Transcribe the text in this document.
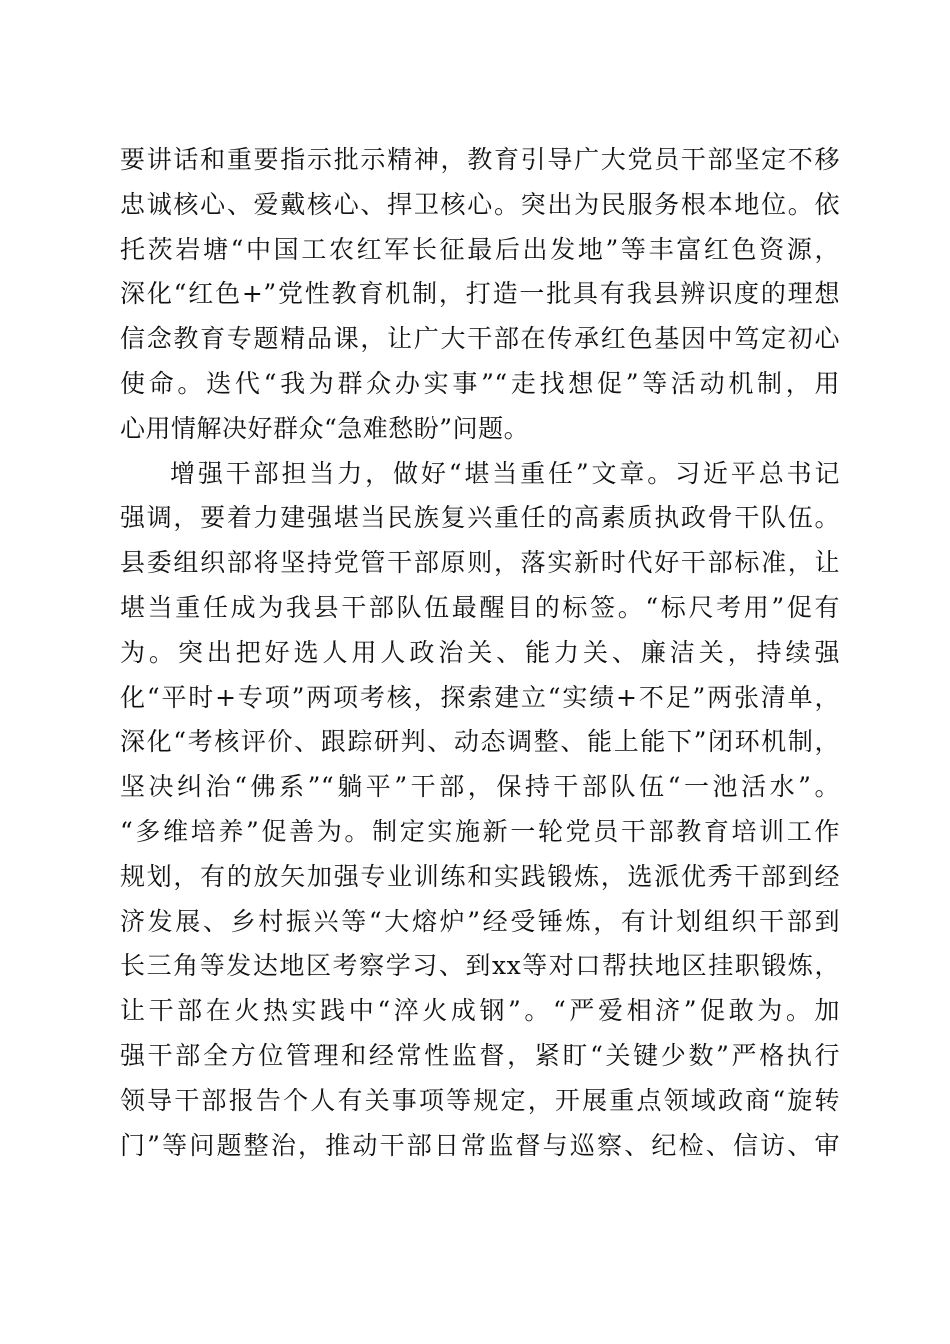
要讲话和重要指示批示精神，教育引导广大党员干部坚定不移
忠诚核心、爱戴核心、捍卫核心。突出为民服务根本地位。依
托茨岩塘“中国工农红军长征最后出发地”等丰富红色资源，
深化“红色+”党性教育机制，打造一批具有我县辨识度的理想
信念教育专题精品课，让广大干部在传承红色基因中笃定初心
使命。迭代“我为群众办实事”“走找想促”等活动机制，用
心用情解决好群众“急难愁盼”问题。
增强干部担当力，做好“堪当重任”文章。习近平总书记
强调，要着力建强堪当民族复兴重任的高素质执政骨干队伍。
县委组织部将坚持党管干部原则，落实新时代好干部标准，让
堪当重任成为我县干部队伍最醒目的标签。“标尺考用”促有
为。突出把好选人用人政治关、能力关、廉洁关，持续强
化“平时+专项”两项考核，探索建立“实绩+不足”两张清单，
深化“考核评价、跟踪研判、动态调整、能上能下”闭环机制，
坚决纠治“佛系”“躺平”干部，保持干部队伍“一池活水”。
“多维培养”促善为。制定实施新一轮党员干部教育培训工作
规划，有的放矢加强专业训练和实践锻炼，选派优秀干部到经
济发展、乡村振兴等“大熔炉”经受锤炼，有计划组织干部到
长三角等发达地区考察学习、到xx等对口帮扶地区挂职锻炼，
让干部在火热实践中“淬火成钢”。“严爱相济”促敢为。加
强干部全方位管理和经常性监督，紧盯“关键少数”严格执行
领导干部报告个人有关事项等规定，开展重点领域政商“旋转
门”等问题整治，推动干部日常监督与巡察、纪检、信访、审
